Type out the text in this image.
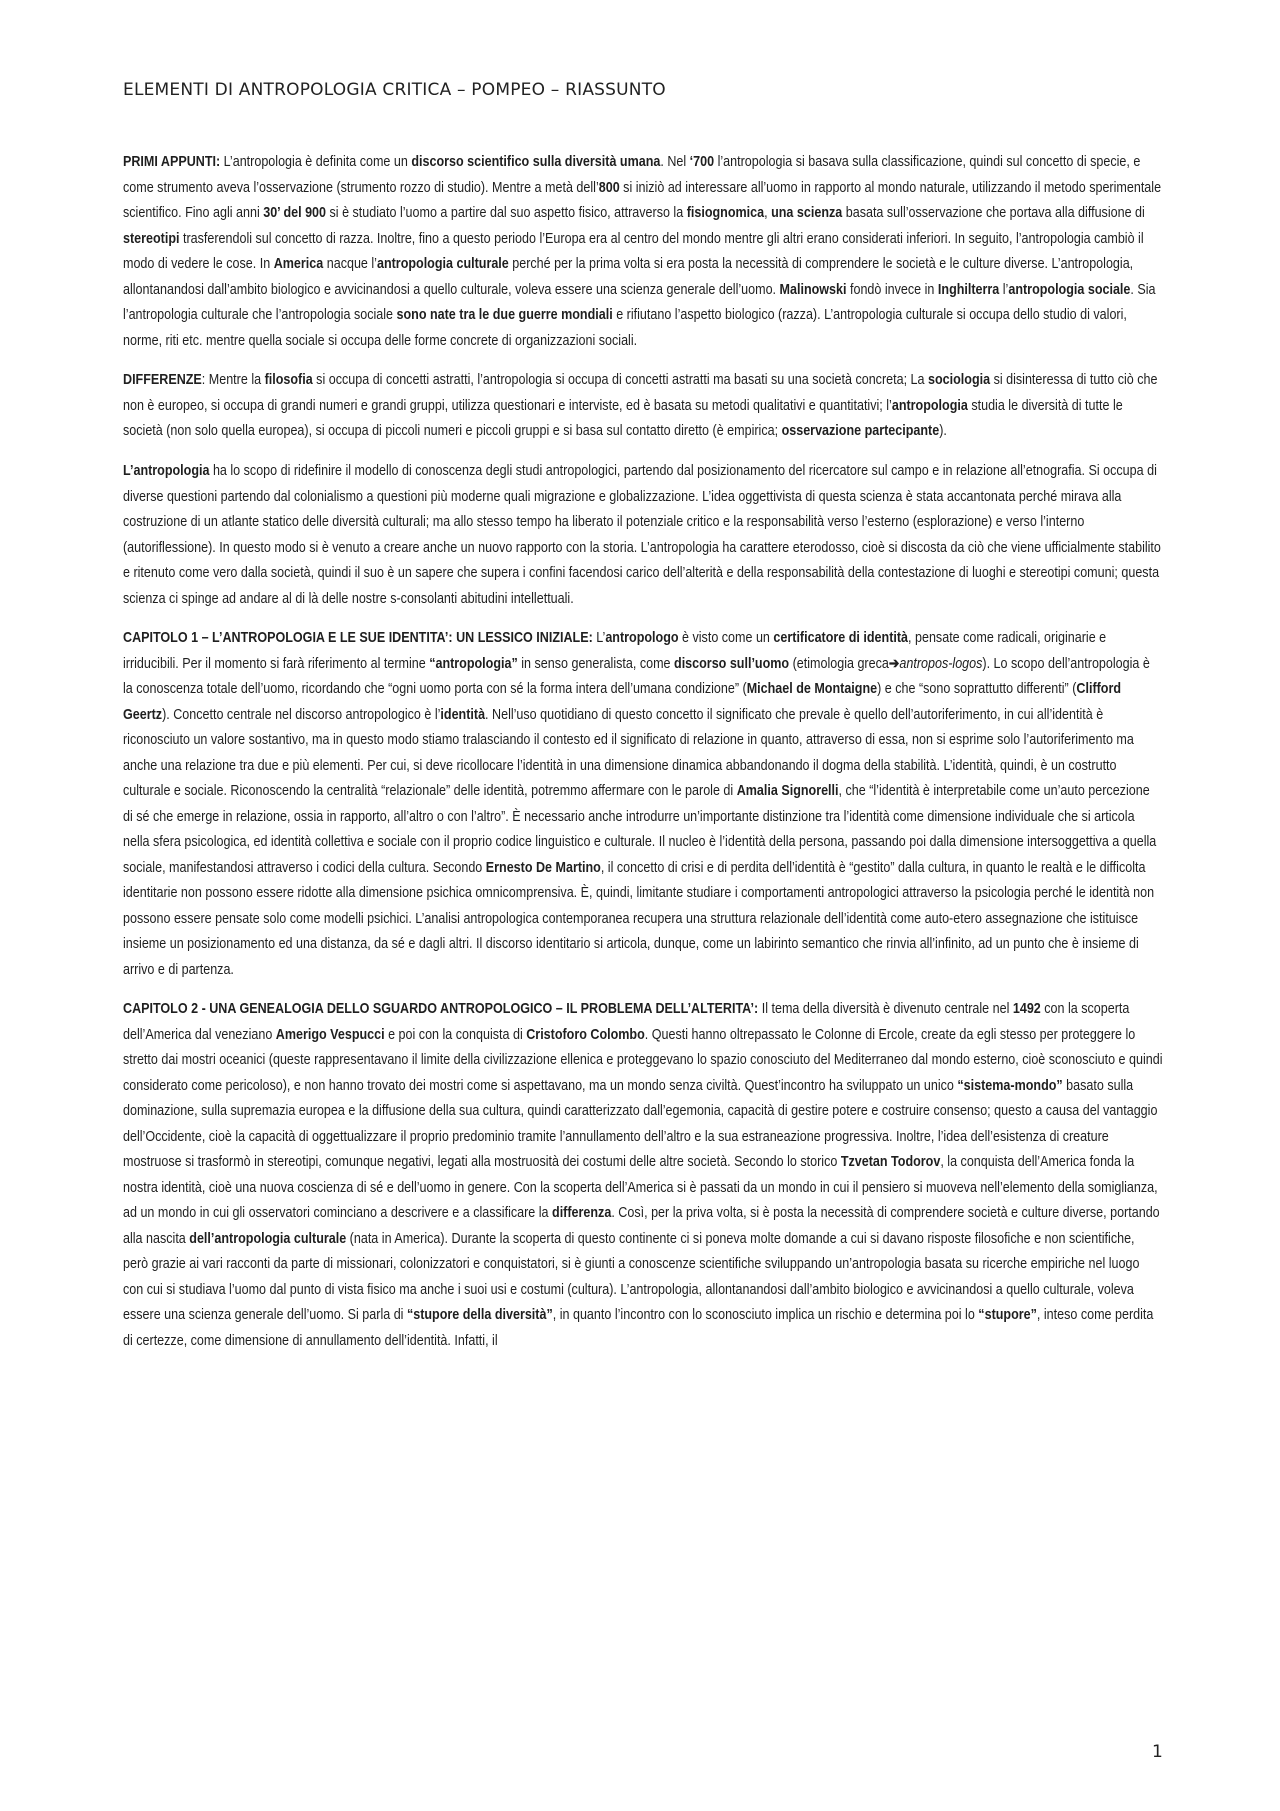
ELEMENTI DI ANTROPOLOGIA CRITICA – POMPEO – RIASSUNTO

PRIMI APPUNTI: L’antropologia è definita come un discorso scientifico sulla diversità umana. Nel ‘700 l’antropologia si basava sulla classificazione, quindi sul concetto di specie, e come strumento aveva l’osservazione (strumento rozzo di studio). Mentre a metà dell’800 si iniziò ad interessare all’uomo in rapporto al mondo naturale, utilizzando il metodo sperimentale scientifico. Fino agli anni 30’ del 900 si è studiato l’uomo a partire dal suo aspetto fisico, attraverso la fisiognomica, una scienza basata sull’osservazione che portava alla diffusione di stereotipi trasferendoli sul concetto di razza. Inoltre, fino a questo periodo l’Europa era al centro del mondo mentre gli altri erano considerati inferiori. In seguito, l’antropologia cambiò il modo di vedere le cose. In America nacque l’antropologia culturale perché per la prima volta si era posta la necessità di comprendere le società e le culture diverse. L’antropologia, allontanandosi dall’ambito biologico e avvicinandosi a quello culturale, voleva essere una scienza generale dell’uomo. Malinowski fondò invece in Inghilterra l’antropologia sociale. Sia l’antropologia culturale che l’antropologia sociale sono nate tra le due guerre mondiali e rifiutano l’aspetto biologico (razza). L’antropologia culturale si occupa dello studio di valori, norme, riti etc. mentre quella sociale si occupa delle forme concrete di organizzazioni sociali.

DIFFERENZE: Mentre la filosofia si occupa di concetti astratti, l’antropologia si occupa di concetti astratti ma basati su una società concreta; La sociologia si disinteressa di tutto ciò che non è europeo, si occupa di grandi numeri e grandi gruppi, utilizza questionari e interviste, ed è basata su metodi qualitativi e quantitativi; l’antropologia studia le diversità di tutte le società (non solo quella europea), si occupa di piccoli numeri e piccoli gruppi e si basa sul contatto diretto (è empirica; osservazione partecipante).

L’antropologia ha lo scopo di ridefinire il modello di conoscenza degli studi antropologici, partendo dal posizionamento del ricercatore sul campo e in relazione all’etnografia. Si occupa di diverse questioni partendo dal colonialismo a questioni più moderne quali migrazione e globalizzazione. L’idea oggettivista di questa scienza è stata accantonata perché mirava alla costruzione di un atlante statico delle diversità culturali; ma allo stesso tempo ha liberato il potenziale critico e la responsabilità verso l’esterno (esplorazione) e verso l’interno (autoriflessione). In questo modo si è venuto a creare anche un nuovo rapporto con la storia. L’antropologia ha carattere eterodosso, cioè si discosta da ciò che viene ufficialmente stabilito e ritenuto come vero dalla società, quindi il suo è un sapere che supera i confini facendosi carico dell’alterità e della responsabilità della contestazione di luoghi e stereotipi comuni; questa scienza ci spinge ad andare al di là delle nostre s-consolanti abitudini intellettuali.

CAPITOLO 1 – L’ANTROPOLOGIA E LE SUE IDENTITA’: UN LESSICO INIZIALE: L’antropologo è visto come un certificatore di identità, pensate come radicali, originarie e irriducibili. Per il momento si farà riferimento al termine “antropologia” in senso generalista, come discorso sull’uomo (etimologia greca➔antropos-logos). Lo scopo dell’antropologia è la conoscenza totale dell’uomo, ricordando che “ogni uomo porta con sé la forma intera dell’umana condizione” (Michael de Montaigne) e che “sono soprattutto differenti” (Clifford Geertz). Concetto centrale nel discorso antropologico è l’identità. Nell’uso quotidiano di questo concetto il significato che prevale è quello dell’autoriferimento, in cui all’identità è riconosciuto un valore sostantivo, ma in questo modo stiamo tralasciando il contesto ed il significato di relazione in quanto, attraverso di essa, non si esprime solo l’autoriferimento ma anche una relazione tra due e più elementi. Per cui, si deve ricollocare l’identità in una dimensione dinamica abbandonando il dogma della stabilità. L’identità, quindi, è un costrutto culturale e sociale. Riconoscendo la centralità “relazionale” delle identità, potremmo affermare con le parole di Amalia Signorelli, che “l’identità è interpretabile come un’auto percezione di sé che emerge in relazione, ossia in rapporto, all’altro o con l’altro”. È necessario anche introdurre un’importante distinzione tra l’identità come dimensione individuale che si articola nella sfera psicologica, ed identità collettiva e sociale con il proprio codice linguistico e culturale. Il nucleo è l’identità della persona, passando poi dalla dimensione intersoggettiva a quella sociale, manifestandosi attraverso i codici della cultura. Secondo Ernesto De Martino, il concetto di crisi e di perdita dell’identità è “gestito” dalla cultura, in quanto le realtà e le difficolta identitarie non possono essere ridotte alla dimensione psichica omnicomprensiva. È, quindi, limitante studiare i comportamenti antropologici attraverso la psicologia perché le identità non possono essere pensate solo come modelli psichici. L’analisi antropologica contemporanea recupera una struttura relazionale dell’identità come auto-etero assegnazione che istituisce insieme un posizionamento ed una distanza, da sé e dagli altri. Il discorso identitario si articola, dunque, come un labirinto semantico che rinvia all’infinito, ad un punto che è insieme di arrivo e di partenza.

CAPITOLO 2 - UNA GENEALOGIA DELLO SGUARDO ANTROPOLOGICO – IL PROBLEMA DELL’ALTERITA’: Il tema della diversità è divenuto centrale nel 1492 con la scoperta dell’America dal veneziano Amerigo Vespucci e poi con la conquista di Cristoforo Colombo. Questi hanno oltrepassato le Colonne di Ercole, create da egli stesso per proteggere lo stretto dai mostri oceanici (queste rappresentavano il limite della civilizzazione ellenica e proteggevano lo spazio conosciuto del Mediterraneo dal mondo esterno, cioè sconosciuto e quindi considerato come pericoloso), e non hanno trovato dei mostri come si aspettavano, ma un mondo senza civiltà. Quest’incontro ha sviluppato un unico “sistema-mondo” basato sulla dominazione, sulla supremazia europea e la diffusione della sua cultura, quindi caratterizzato dall’egemonia, capacità di gestire potere e costruire consenso; questo a causa del vantaggio dell’Occidente, cioè la capacità di oggettualizzare il proprio predominio tramite l’annullamento dell’altro e la sua estraneazione progressiva. Inoltre, l’idea dell’esistenza di creature mostruose si trasformò in stereotipi, comunque negativi, legati alla mostruosità dei costumi delle altre società. Secondo lo storico Tzvetan Todorov, la conquista dell’America fonda la nostra identità, cioè una nuova coscienza di sé e dell’uomo in genere. Con la scoperta dell’America si è passati da un mondo in cui il pensiero si muoveva nell’elemento della somiglianza, ad un mondo in cui gli osservatori cominciano a descrivere e a classificare la differenza. Così, per la priva volta, si è posta la necessità di comprendere società e culture diverse, portando alla nascita dell’antropologia culturale (nata in America). Durante la scoperta di questo continente ci si poneva molte domande a cui si davano risposte filosofiche e non scientifiche, però grazie ai vari racconti da parte di missionari, colonizzatori e conquistatori, si è giunti a conoscenze scientifiche sviluppando un’antropologia basata su ricerche empiriche nel luogo con cui si studiava l’uomo dal punto di vista fisico ma anche i suoi usi e costumi (cultura). L’antropologia, allontanandosi dall’ambito biologico e avvicinandosi a quello culturale, voleva essere una scienza generale dell’uomo. Si parla di “stupore della diversità”, in quanto l’incontro con lo sconosciuto implica un rischio e determina poi lo “stupore”, inteso come perdita di certezze, come dimensione di annullamento dell’identità. Infatti, il

1
